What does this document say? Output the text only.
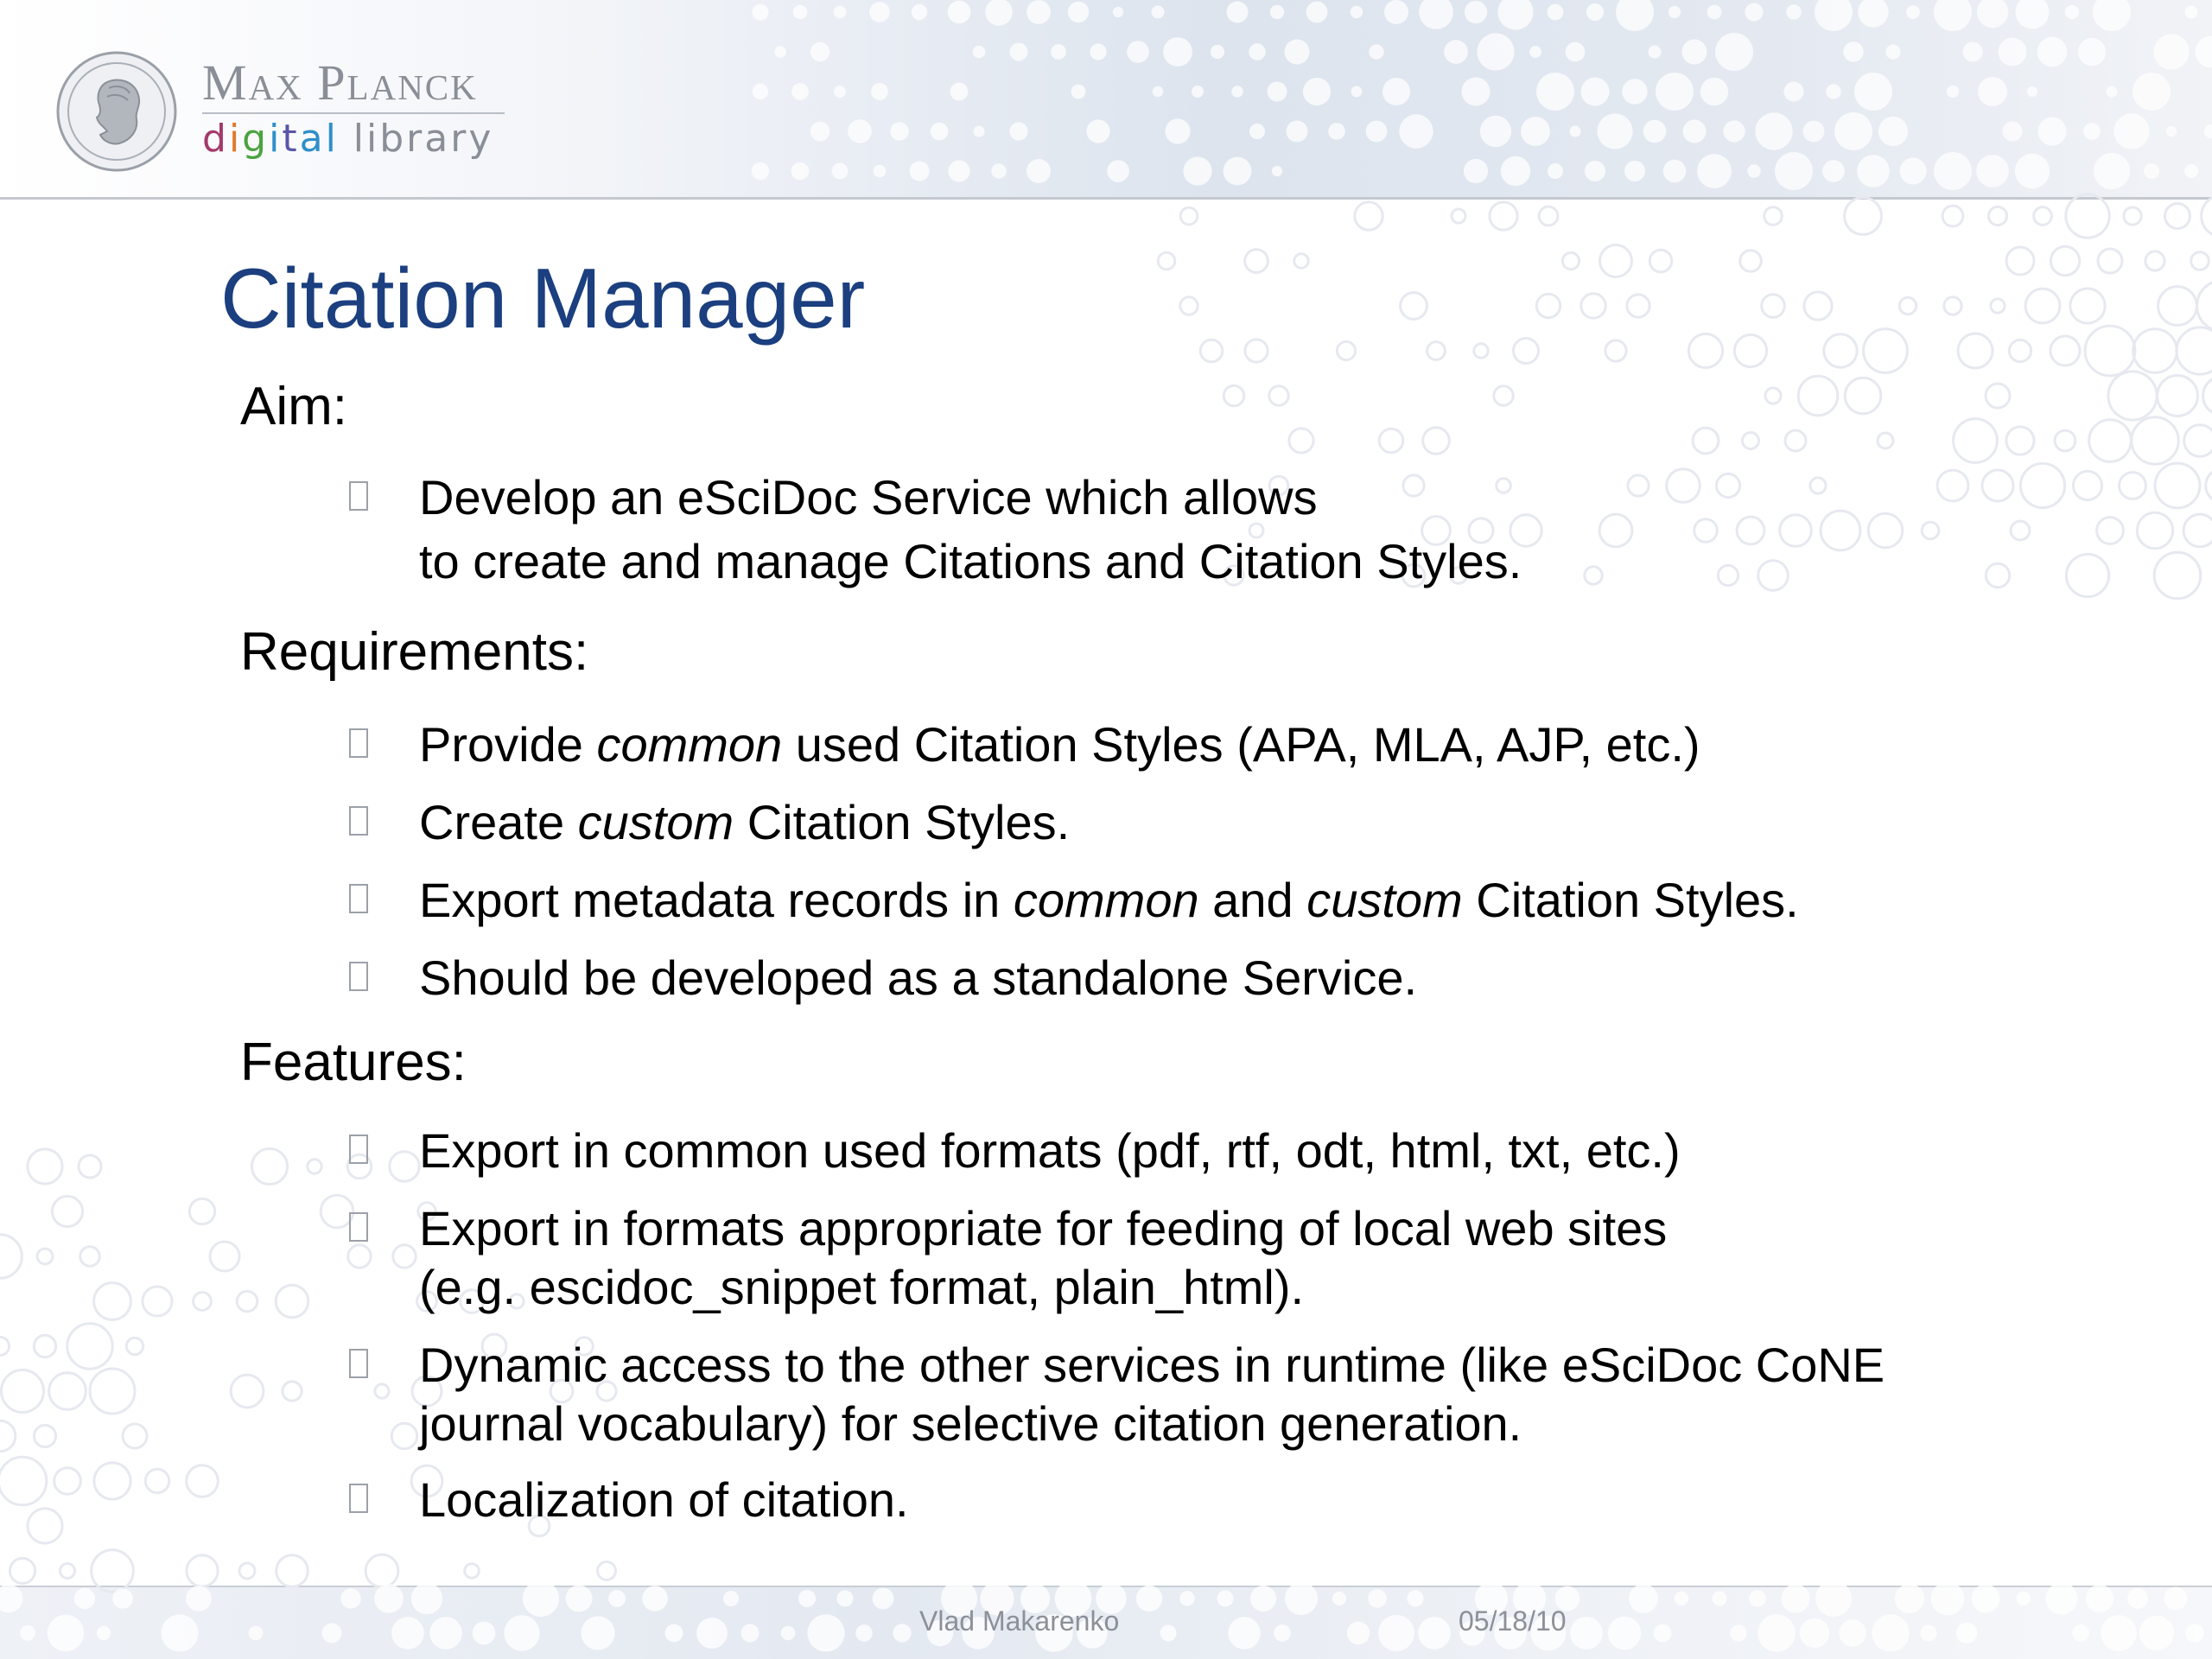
Max Planck
digital library
Citation Manager
Aim:
Develop an eSciDoc Service which allows
to create and manage Citations and Citation Styles.
Requirements:
Provide common used Citation Styles (APA, MLA, AJP, etc.)
Create custom Citation Styles.
Export metadata records in common and custom Citation Styles.
Should be developed as a standalone Service.
Features:
Export in common used formats (pdf, rtf, odt, html, txt, etc.)
Export in formats appropriate for feeding of local web sites
(e.g. escidoc_snippet format, plain_html).
Dynamic access to the other services in runtime (like eSciDoc CoNE
journal vocabulary) for selective citation generation.
Localization of citation.
Vlad Makarenko	05/18/10
